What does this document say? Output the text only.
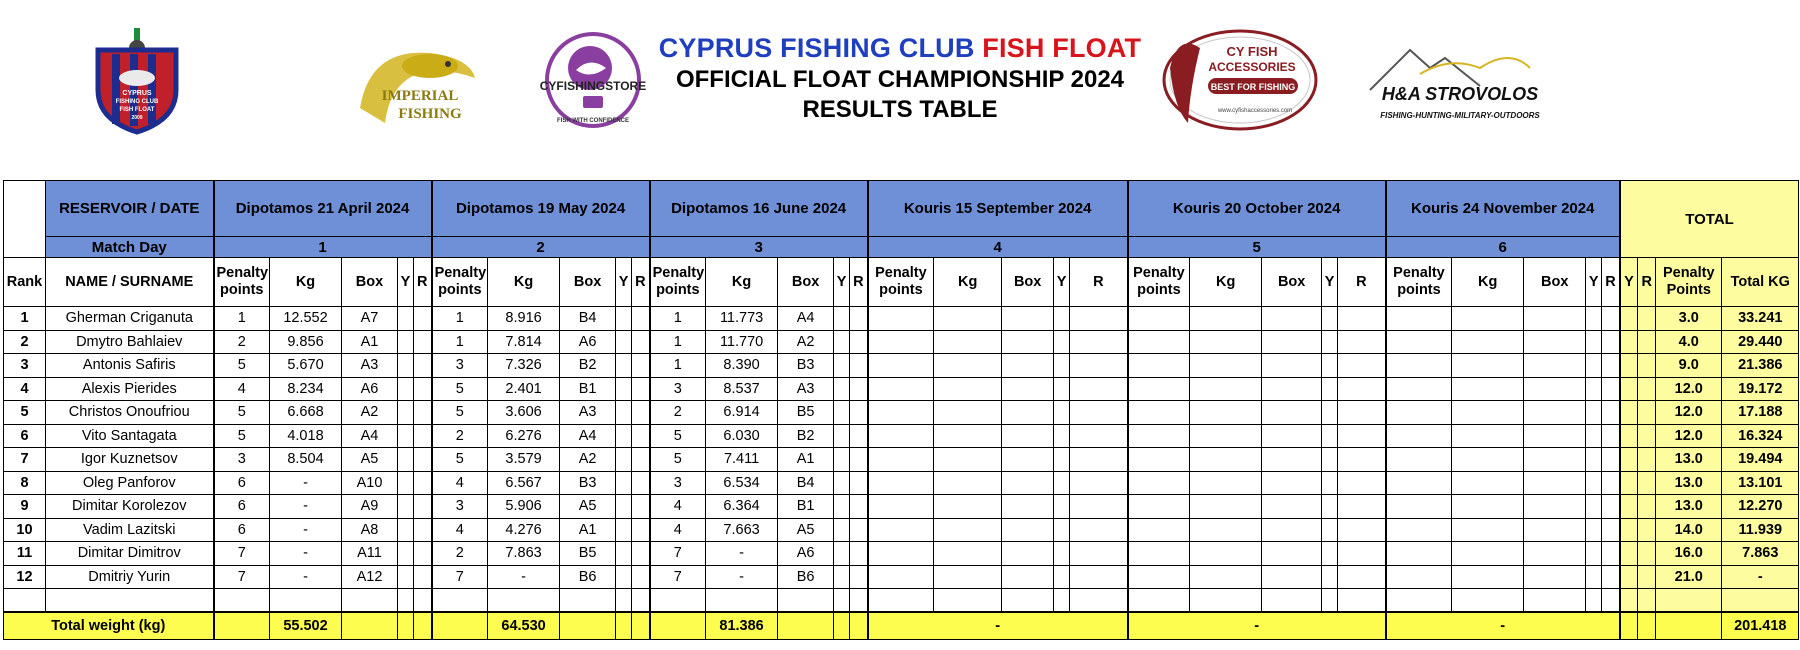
CYPRUS
FISHING CLUB
FISH FLOAT
2009
IMPERIAL
FISHING
CYFISHINGSTORE
FISH WITH CONFIDENCE
CYPRUS FISHING CLUB FISH FLOAT
OFFICIAL FLOAT CHAMPIONSHIP 2024
RESULTS TABLE
CY FISH
ACCESSORIES
BEST FOR FISHING
www.cyfishaccessories.com
H&A STROVOLOS
FISHING-HUNTING-MILITARY-OUTDOORS
	RESERVOIR / DATE	Dipotamos 21 April 2024					Dipotamos 19 May 2024					Dipotamos 16 June 2024					Kouris 15 September 2024					Kouris 20 October 2024					Kouris 24 November 2024					TOTAL			
	Match Day	1					2					3					4					5					6								
Rank	NAME / SURNAME	Penalty points	Kg	Box	Y	R	Penalty points	Kg	Box	Y	R	Penalty points	Kg	Box	Y	R	Penalty points	Kg	Box	Y	R	Penalty points	Kg	Box	Y	R	Penalty points	Kg	Box	Y	R	Y	R	Penalty Points	Total KG
1	Gherman Criganuta	1	12.552	A7			1	8.916	B4			1	11.773	A4																				3.0	33.241
2	Dmytro Bahlaiev	2	9.856	A1			1	7.814	A6			1	11.770	A2																				4.0	29.440
3	Antonis Safiris	5	5.670	A3			3	7.326	B2			1	8.390	B3																				9.0	21.386
4	Alexis Pierides	4	8.234	A6			5	2.401	B1			3	8.537	A3																				12.0	19.172
5	Christos Onoufriou	5	6.668	A2			5	3.606	A3			2	6.914	B5																				12.0	17.188
6	Vito Santagata	5	4.018	A4			2	6.276	A4			5	6.030	B2																				12.0	16.324
7	Igor Kuznetsov	3	8.504	A5			5	3.579	A2			5	7.411	A1																				13.0	19.494
8	Oleg Panforov	6	-	A10			4	6.567	B3			3	6.534	B4																				13.0	13.101
9	Dimitar Korolezov	6	-	A9			3	5.906	A5			4	6.364	B1																				13.0	12.270
10	Vadim Lazitski	6	-	A8			4	4.276	A1			4	7.663	A5																				14.0	11.939
11	Dimitar Dimitrov	7	-	A11			2	7.863	B5			7	-	A6																				16.0	7.863
12	Dmitriy Yurin	7	-	A12			7	-	B6			7	-	B6																				21.0	-

Total weight (kg)			55.502					64.530					81.386				-					-					-								201.418
